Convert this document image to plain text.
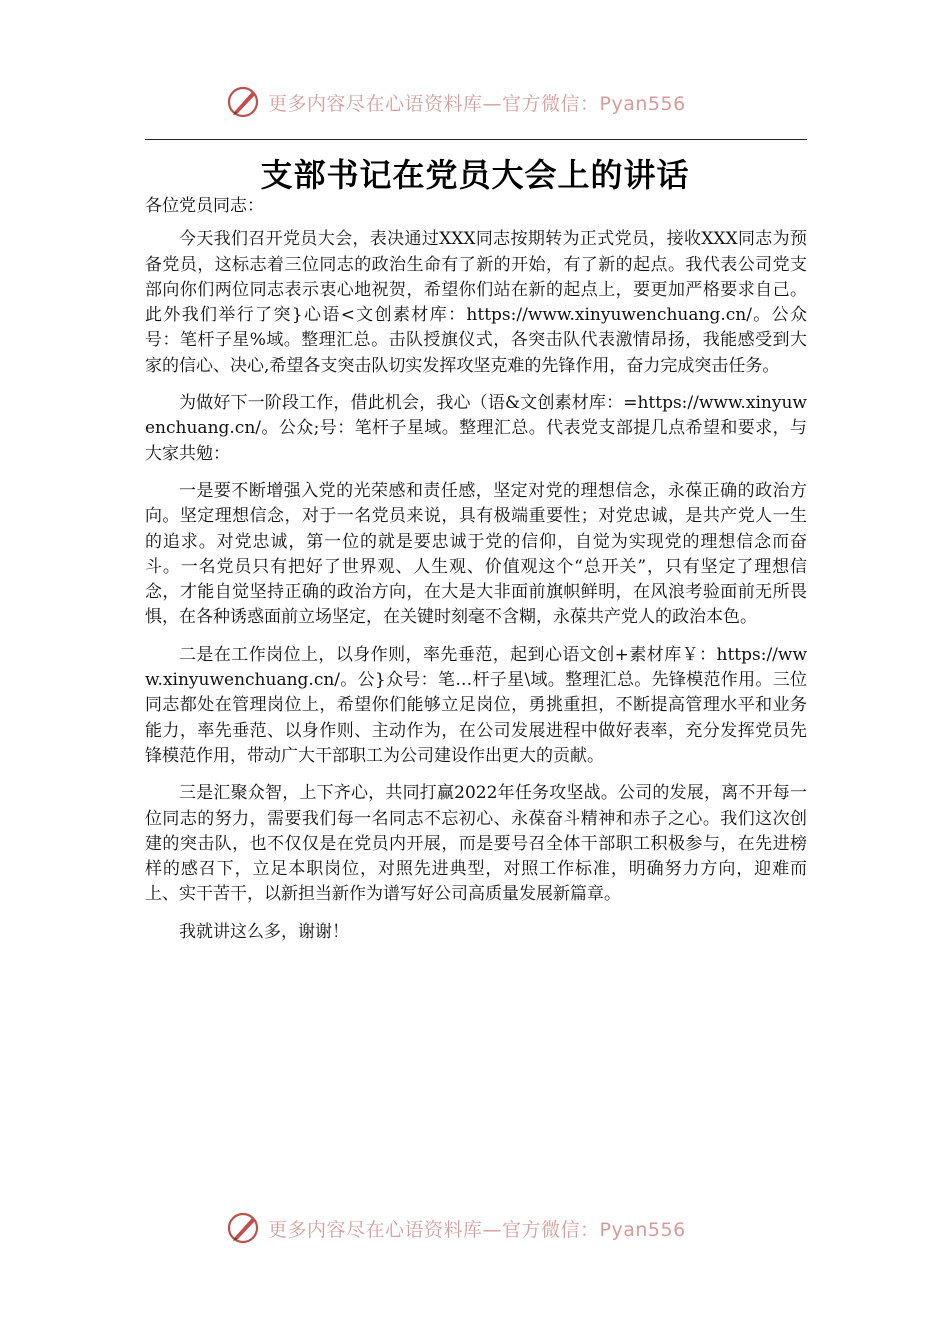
更多内容尽在心语资料库—官方微信：Pyan556
支部书记在党员大会上的讲话

各位党员同志：

今天我们召开党员大会，表决通过XXX同志按期转为正式党员，接收XXX同志为预备党员，这标志着三位同志的政治生命有了新的开始，有了新的起点。我代表公司党支部向你们两位同志表示衷心地祝贺，希望你们站在新的起点上，要更加严格要求自己。此外我们举行了突}心语<文创素材库：https://www.xinyuwenchuang.cn/。公众号：笔杆子星%域。整理汇总。击队授旗仪式，各突击队代表激情昂扬，我能感受到大家的信心、决心,希望各支突击队切实发挥攻坚克难的先锋作用，奋力完成突击任务。

为做好下一阶段工作，借此机会，我心（语&文创素材库：=https://www.xinyuwenchuang.cn/。公众;号：笔杆子星域。整理汇总。代表党支部提几点希望和要求，与大家共勉：

一是要不断增强入党的光荣感和责任感，坚定对党的理想信念，永葆正确的政治方向。坚定理想信念，对于一名党员来说，具有极端重要性；对党忠诚，是共产党人一生的追求。对党忠诚，第一位的就是要忠诚于党的信仰，自觉为实现党的理想信念而奋斗。一名党员只有把好了世界观、人生观、价值观这个“总开关”，只有坚定了理想信念，才能自觉坚持正确的政治方向，在大是大非面前旗帜鲜明，在风浪考验面前无所畏惧，在各种诱惑面前立场坚定，在关键时刻毫不含糊，永葆共产党人的政治本色。

二是在工作岗位上，以身作则，率先垂范，起到心语文创+素材库￥：https://www.xinyuwenchuang.cn/。公}众号：笔…杆子星\域。整理汇总。先锋模范作用。三位同志都处在管理岗位上，希望你们能够立足岗位，勇挑重担，不断提高管理水平和业务能力，率先垂范、以身作则、主动作为，在公司发展进程中做好表率，充分发挥党员先锋模范作用，带动广大干部职工为公司建设作出更大的贡献。

三是汇聚众智，上下齐心，共同打赢2022年任务攻坚战。公司的发展，离不开每一位同志的努力，需要我们每一名同志不忘初心、永葆奋斗精神和赤子之心。我们这次创建的突击队，也不仅仅是在党员内开展，而是要号召全体干部职工积极参与，在先进榜样的感召下，立足本职岗位，对照先进典型，对照工作标准，明确努力方向，迎难而上、实干苦干，以新担当新作为谱写好公司高质量发展新篇章。

我就讲这么多，谢谢！

更多内容尽在心语资料库—官方微信：Pyan556
